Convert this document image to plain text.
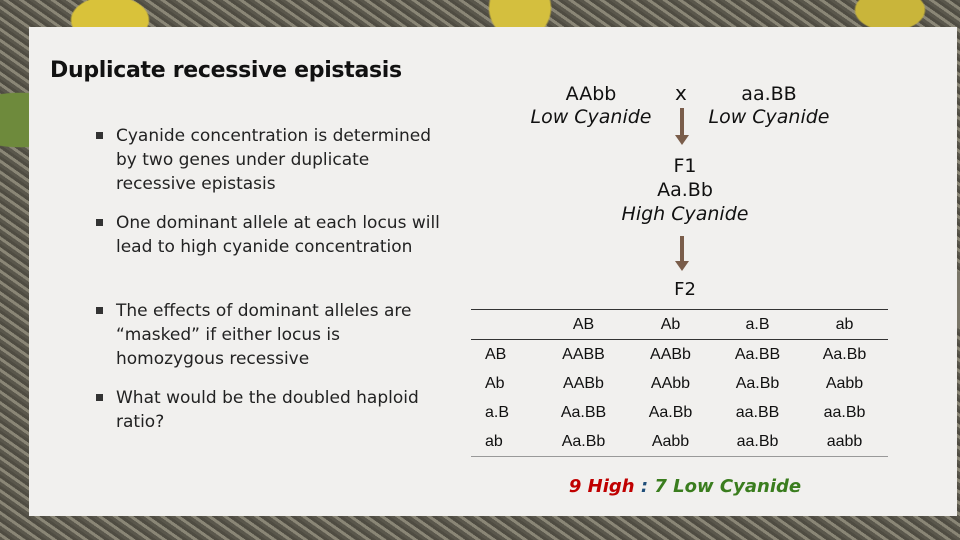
Duplicate recessive epistasis
Cyanide concentration is determined by two genes under duplicate recessive epistasis
One dominant allele at each locus will lead to high cyanide concentration
The effects of dominant alleles are “masked” if either locus is homozygous recessive
What would be the doubled haploid ratio?
AAbb
Low Cyanide
x	aa.BB
Low Cyanide
F1
Aa.Bb
High Cyanide
F2
	AB	Ab	a.B	ab
AB	AABB	AABb	Aa.BB	Aa.Bb
Ab	AABb	AAbb	Aa.Bb	Aabb
a.B	Aa.BB	Aa.Bb	aa.BB	aa.Bb
ab	Aa.Bb	Aabb	aa.Bb	aabb
9 High : 7 Low Cyanide
